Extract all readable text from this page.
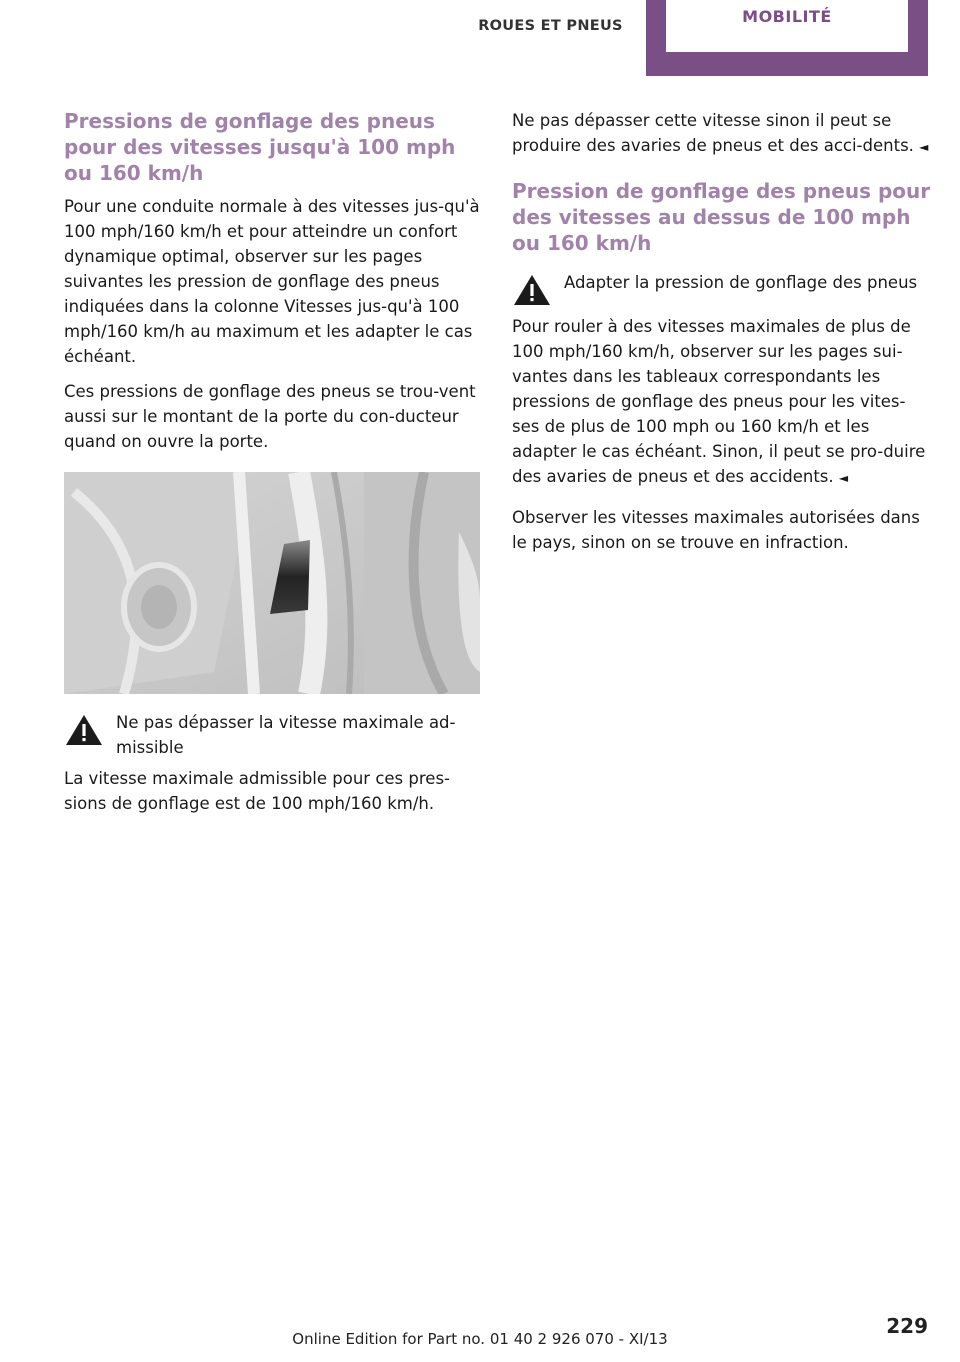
ROUES ET PNEUS	MOBILITÉ
Pressions de gonflage des pneus pour des vitesses jusqu'à 100 mph ou 160 km/h

Pour une conduite normale à des vitesses jus-qu'à 100 mph/160 km/h et pour atteindre un confort dynamique optimal, observer sur les pages suivantes les pression de gonflage des pneus indiquées dans la colonne Vitesses jus-qu'à 100 mph/160 km/h au maximum et les adapter le cas échéant.

Ces pressions de gonflage des pneus se trou-vent aussi sur le montant de la porte du con-ducteur quand on ouvre la porte.

Ne pas dépasser la vitesse maximale ad-missible

La vitesse maximale admissible pour ces pres-sions de gonflage est de 100 mph/160 km/h.

Ne pas dépasser cette vitesse sinon il peut se produire des avaries de pneus et des acci-dents. ◄

Pression de gonflage des pneus pour des vitesses au dessus de 100 mph ou 160 km/h
Adapter la pression de gonflage des pneus

Pour rouler à des vitesses maximales de plus de 100 mph/160 km/h, observer sur les pages sui-vantes dans les tableaux correspondants les pressions de gonflage des pneus pour les vites-ses de plus de 100 mph ou 160 km/h et les adapter le cas échéant. Sinon, il peut se pro-duire des avaries de pneus et des accidents. ◄

Observer les vitesses maximales autorisées dans le pays, sinon on se trouve en infraction.

229
Online Edition for Part no. 01 40 2 926 070 - XI/13
